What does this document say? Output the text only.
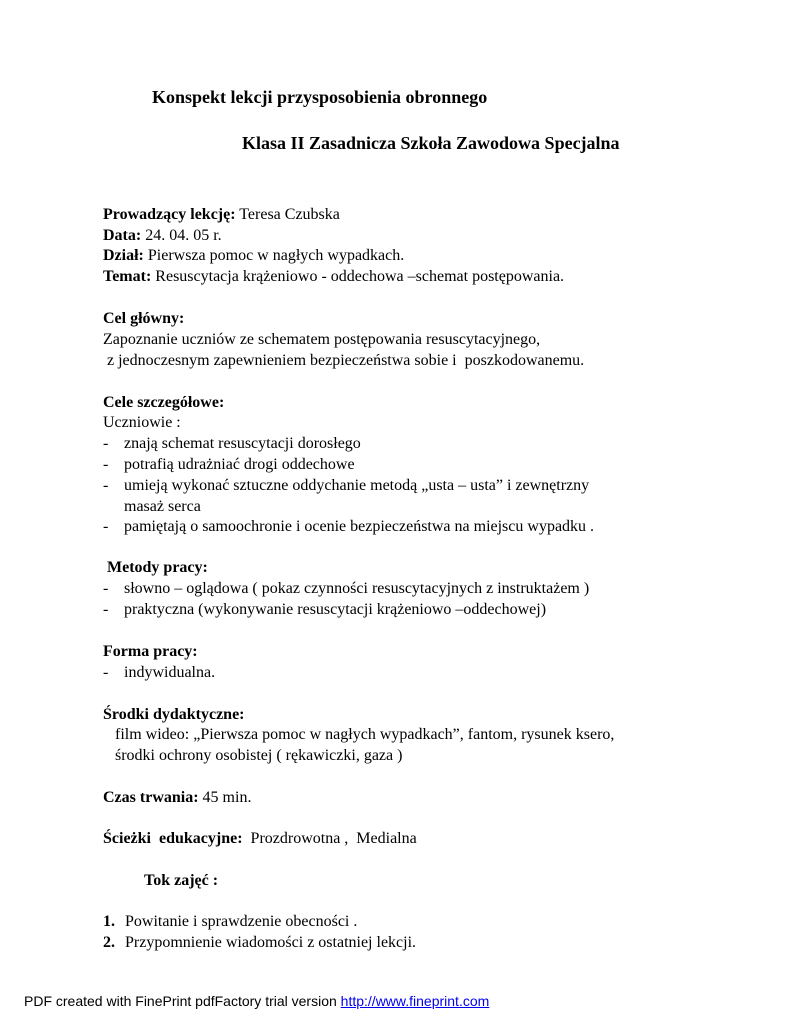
Konspekt lekcji przysposobienia obronnego
Klasa II Zasadnicza Szkoła Zawodowa Specjalna
Prowadzący lekcję: Teresa Czubska
Data: 24. 04. 05 r.
Dział: Pierwsza pomoc w nagłych wypadkach.
Temat: Resuscytacja krążeniowo - oddechowa –schemat postępowania.
Cel główny:
Zapoznanie uczniów ze schematem postępowania resuscytacyjnego,
z jednoczesnym zapewnieniem bezpieczeństwa sobie i  poszkodowanemu.
Cele szczegółowe:
Uczniowie :
- znają schemat resuscytacji dorosłego
- potrafią udrażniać drogi oddechowe
- umieją wykonać sztuczne oddychanie metodą „usta – usta” i zewnętrzny
masaż serca
- pamiętają o samoochronie i ocenie bezpieczeństwa na miejscu wypadku .
Metody pracy:
- słowno – oglądowa ( pokaz czynności resuscytacyjnych z instruktażem )
- praktyczna (wykonywanie resuscytacji krążeniowo –oddechowej)
Forma pracy:
- indywidualna.
Środki dydaktyczne:
film wideo: „Pierwsza pomoc w nagłych wypadkach”, fantom, rysunek ksero,
środki ochrony osobistej ( rękawiczki, gaza )
Czas trwania: 45 min.
Ścieżki  edukacyjne:  Prozdrowotna ,  Medialna
Tok zajęć :
1. Powitanie i sprawdzenie obecności .
2. Przypomnienie wiadomości z ostatniej lekcji.
PDF created with FinePrint pdfFactory trial version http://www.fineprint.com
